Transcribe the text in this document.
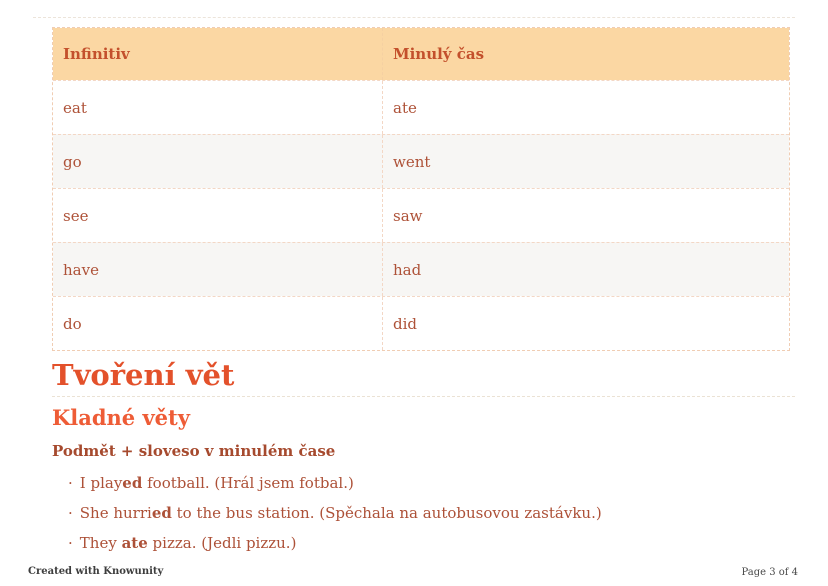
Infinitiv	Minulý čas
eat	ate
go	went
see	saw
have	had
do	did
Tvoření vět
Kladné věty
Podmět + sloveso v minulém čase
· I played football. (Hrál jsem fotbal.)
· She hurried to the bus station. (Spěchala na autobusovou zastávku.)
· They ate pizza. (Jedli pizzu.)
Created with Knowunity	Page 3 of 4
